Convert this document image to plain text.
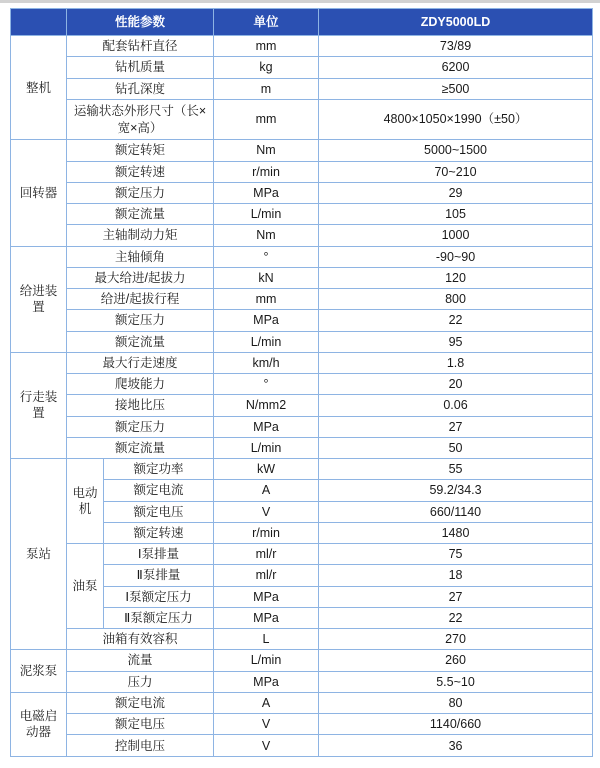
	性能参数		单位	ZDY5000LD
整机	配套钻杆直径		mm	73/89
	钻机质量		kg	6200
	钻孔深度		m	≥500
	运输状态外形尺寸（长×宽×高）		mm	4800×1050×1990（±50）
回转器	额定转矩		Nm	5000~1500
	额定转速		r/min	70~210
	额定压力		MPa	29
	额定流量		L/min	105
	主轴制动力矩		Nm	1000
给进装置	主轴倾角		°	-90~90
	最大给进/起拔力		kN	120
	给进/起拔行程		mm	800
	额定压力		MPa	22
	额定流量		L/min	95
行走装置	最大行走速度		km/h	1.8
	爬坡能力		°	20
	接地比压		N/mm2	0.06
	额定压力		MPa	27
	额定流量		L/min	50
泵站	电动机	额定功率	kW	55
		额定电流	A	59.2/34.3
		额定电压	V	660/1140
		额定转速	r/min	1480
	油泵	Ⅰ泵排量	ml/r	75
		Ⅱ泵排量	ml/r	18
		Ⅰ泵额定压力	MPa	27
		Ⅱ泵额定压力	MPa	22
	油箱有效容积		L	270
泥浆泵	流量		L/min	260
	压力		MPa	5.5~10
电磁启动器	额定电流		A	80
	额定电压		V	1140/660
	控制电压		V	36
